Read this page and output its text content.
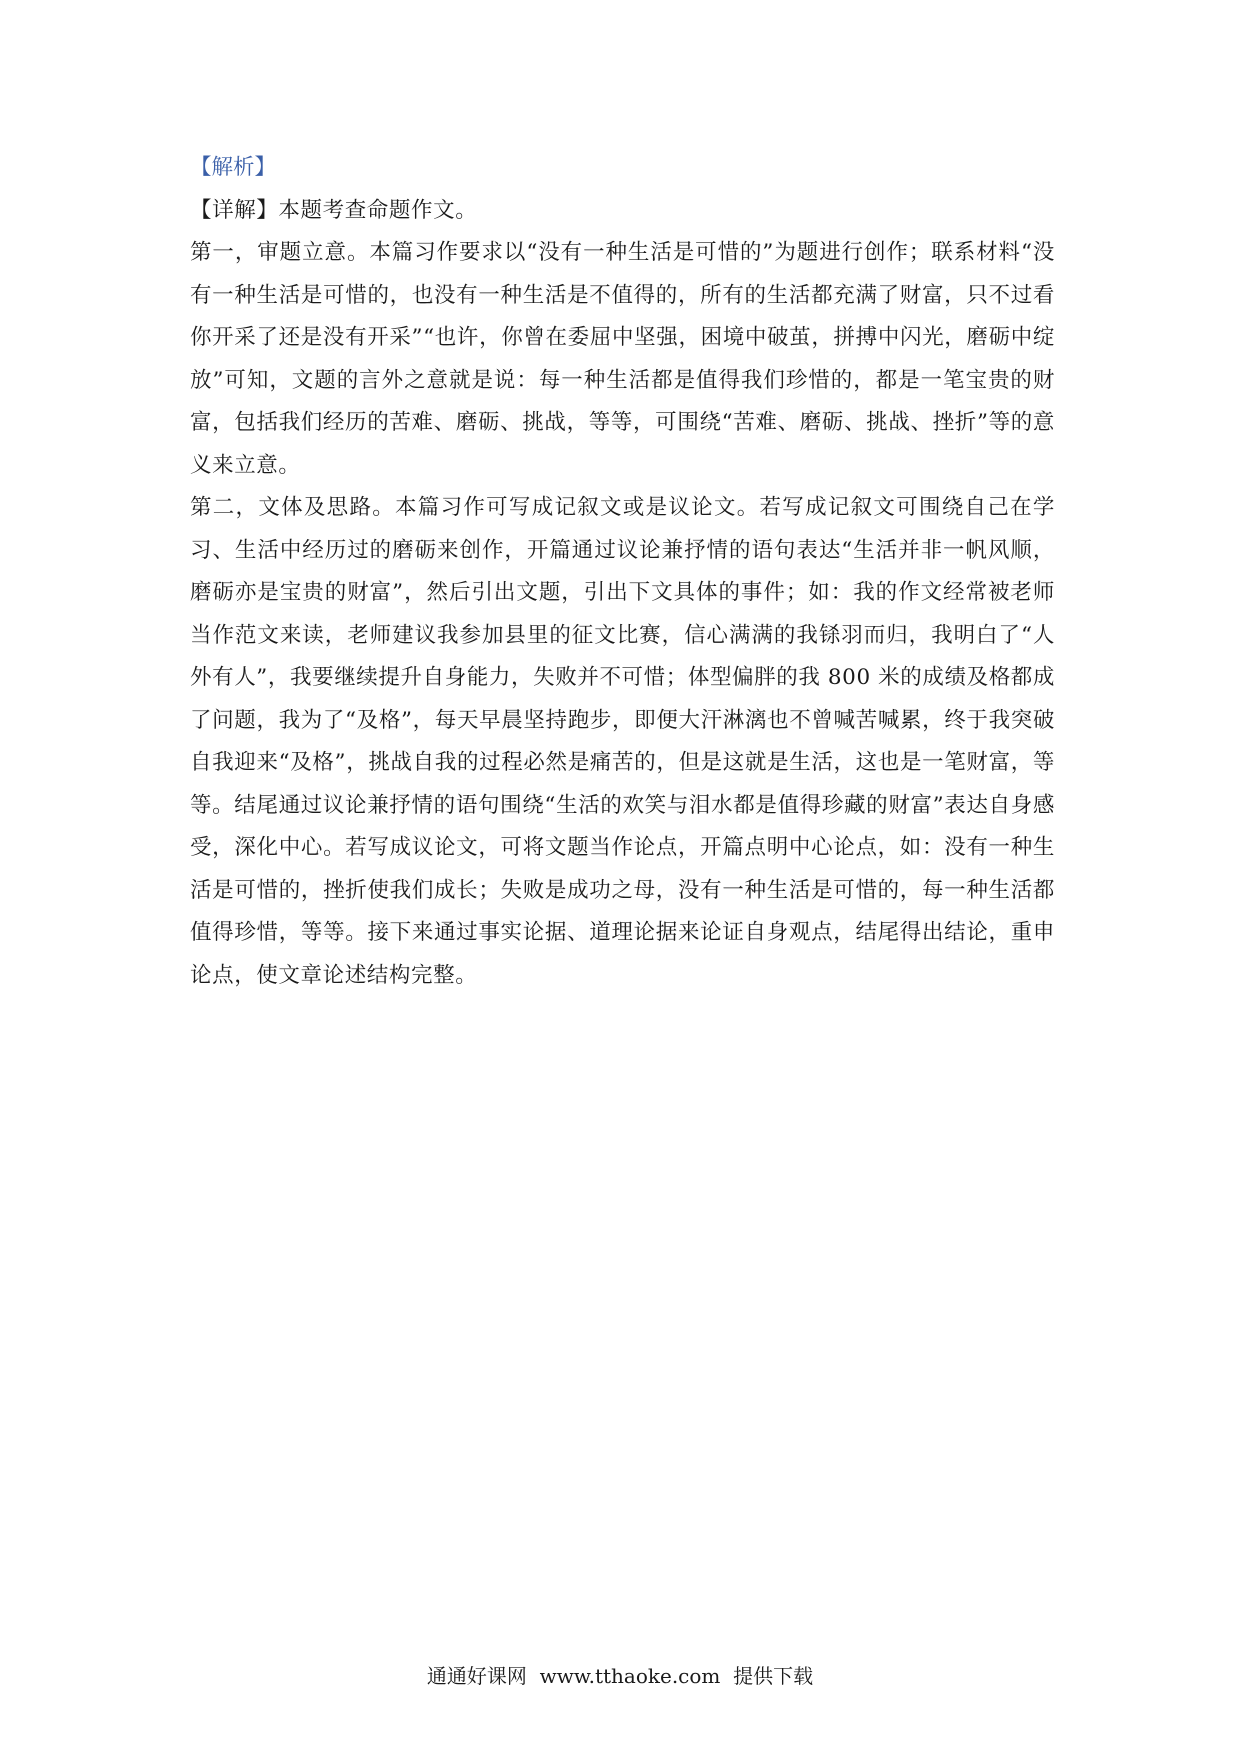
【解析】

【详解】本题考查命题作文。

第一，审题立意。本篇习作要求以“没有一种生活是可惜的”为题进行创作；联系材料“没有一种生活是可惜的，也没有一种生活是不值得的，所有的生活都充满了财富，只不过看你开采了还是没有开采”“也许，你曾在委屈中坚强，困境中破茧，拼搏中闪光，磨砺中绽放”可知，文题的言外之意就是说：每一种生活都是值得我们珍惜的，都是一笔宝贵的财富，包括我们经历的苦难、磨砺、挑战，等等，可围绕“苦难、磨砺、挑战、挫折”等的意义来立意。

第二，文体及思路。本篇习作可写成记叙文或是议论文。若写成记叙文可围绕自己在学习、生活中经历过的磨砺来创作，开篇通过议论兼抒情的语句表达“生活并非一帆风顺，磨砺亦是宝贵的财富”，然后引出文题，引出下文具体的事件；如：我的作文经常被老师当作范文来读，老师建议我参加县里的征文比赛，信心满满的我铩羽而归，我明白了“人外有人”，我要继续提升自身能力，失败并不可惜；体型偏胖的我 800 米的成绩及格都成了问题，我为了“及格”，每天早晨坚持跑步，即便大汗淋漓也不曾喊苦喊累，终于我突破自我迎来“及格”，挑战自我的过程必然是痛苦的，但是这就是生活，这也是一笔财富，等等。结尾通过议论兼抒情的语句围绕“生活的欢笑与泪水都是值得珍藏的财富”表达自身感受，深化中心。若写成议论文，可将文题当作论点，开篇点明中心论点，如：没有一种生活是可惜的，挫折使我们成长；失败是成功之母，没有一种生活是可惜的，每一种生活都值得珍惜，等等。接下来通过事实论据、道理论据来论证自身观点，结尾得出结论，重申论点，使文章论述结构完整。

通通好课网  www.tthaoke.com  提供下载
